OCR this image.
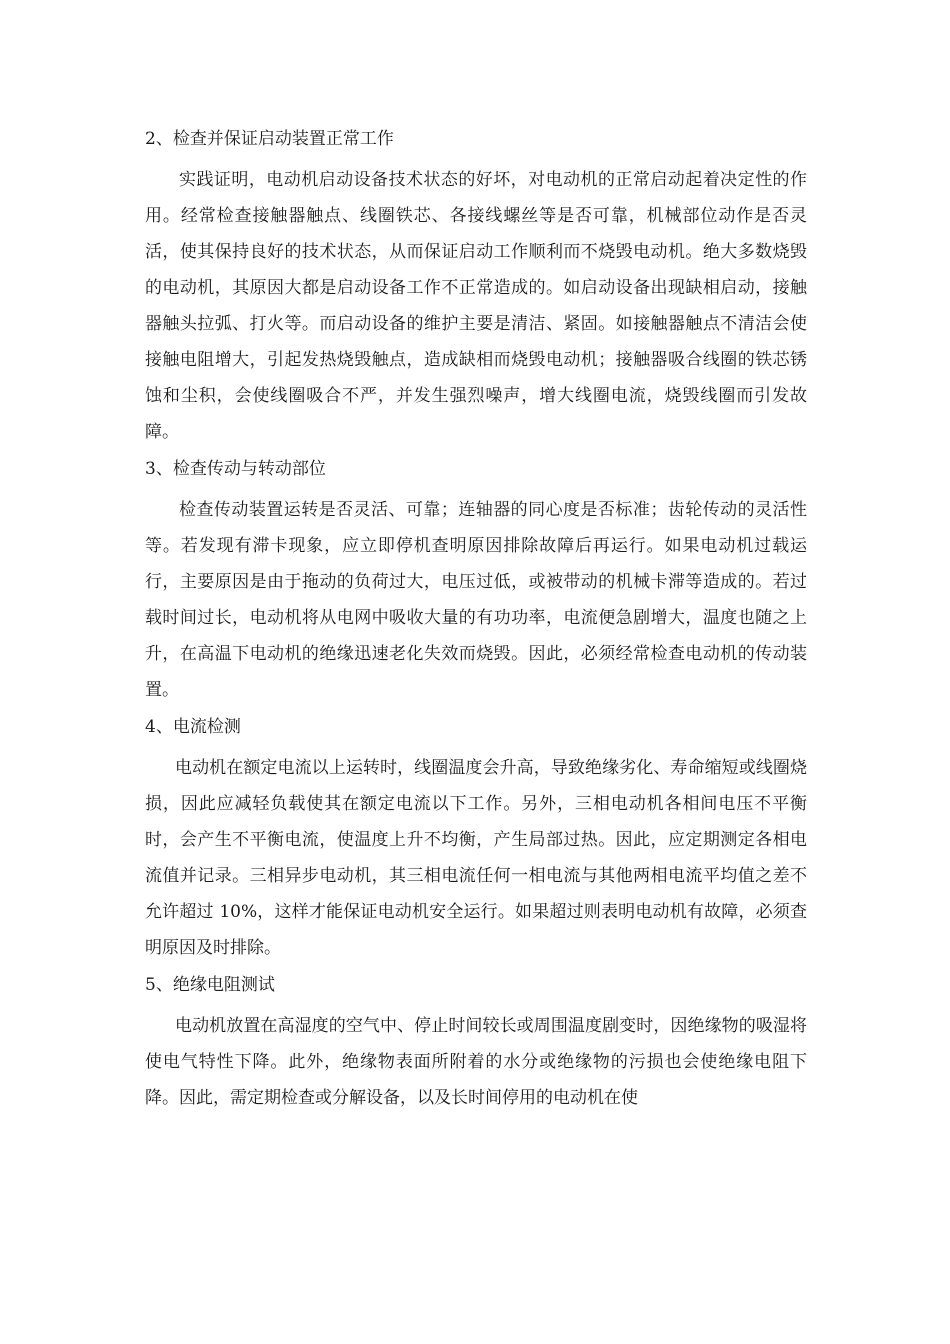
2、检查并保证启动装置正常工作

实践证明，电动机启动设备技术状态的好坏，对电动机的正常启动起着决定性的作用。经常检查接触器触点、线圈铁芯、各接线螺丝等是否可靠，机械部位动作是否灵活，使其保持良好的技术状态，从而保证启动工作顺利而不烧毁电动机。绝大多数烧毁的电动机，其原因大都是启动设备工作不正常造成的。如启动设备出现缺相启动，接触器触头拉弧、打火等。而启动设备的维护主要是清洁、紧固。如接触器触点不清洁会使接触电阻增大，引起发热烧毁触点，造成缺相而烧毁电动机；接触器吸合线圈的铁芯锈蚀和尘积，会使线圈吸合不严，并发生强烈噪声，增大线圈电流，烧毁线圈而引发故障。

3、检查传动与转动部位

检查传动装置运转是否灵活、可靠；连轴器的同心度是否标准；齿轮传动的灵活性等。若发现有滞卡现象，应立即停机查明原因排除故障后再运行。如果电动机过载运行，主要原因是由于拖动的负荷过大，电压过低，或被带动的机械卡滞等造成的。若过载时间过长，电动机将从电网中吸收大量的有功功率，电流便急剧增大，温度也随之上升，在高温下电动机的绝缘迅速老化失效而烧毁。因此，必须经常检查电动机的传动装置。

4、电流检测

电动机在额定电流以上运转时，线圈温度会升高，导致绝缘劣化、寿命缩短或线圈烧损，因此应减轻负载使其在额定电流以下工作。另外，三相电动机各相间电压不平衡时，会产生不平衡电流，使温度上升不均衡，产生局部过热。因此，应定期测定各相电流值并记录。三相异步电动机，其三相电流任何一相电流与其他两相电流平均值之差不允许超过 10%，这样才能保证电动机安全运行。如果超过则表明电动机有故障，必须查明原因及时排除。

5、绝缘电阻测试

电动机放置在高湿度的空气中、停止时间较长或周围温度剧变时，因绝缘物的吸湿将使电气特性下降。此外，绝缘物表面所附着的水分或绝缘物的污损也会使绝缘电阻下降。因此，需定期检查或分解设备，以及长时间停用的电动机在使
